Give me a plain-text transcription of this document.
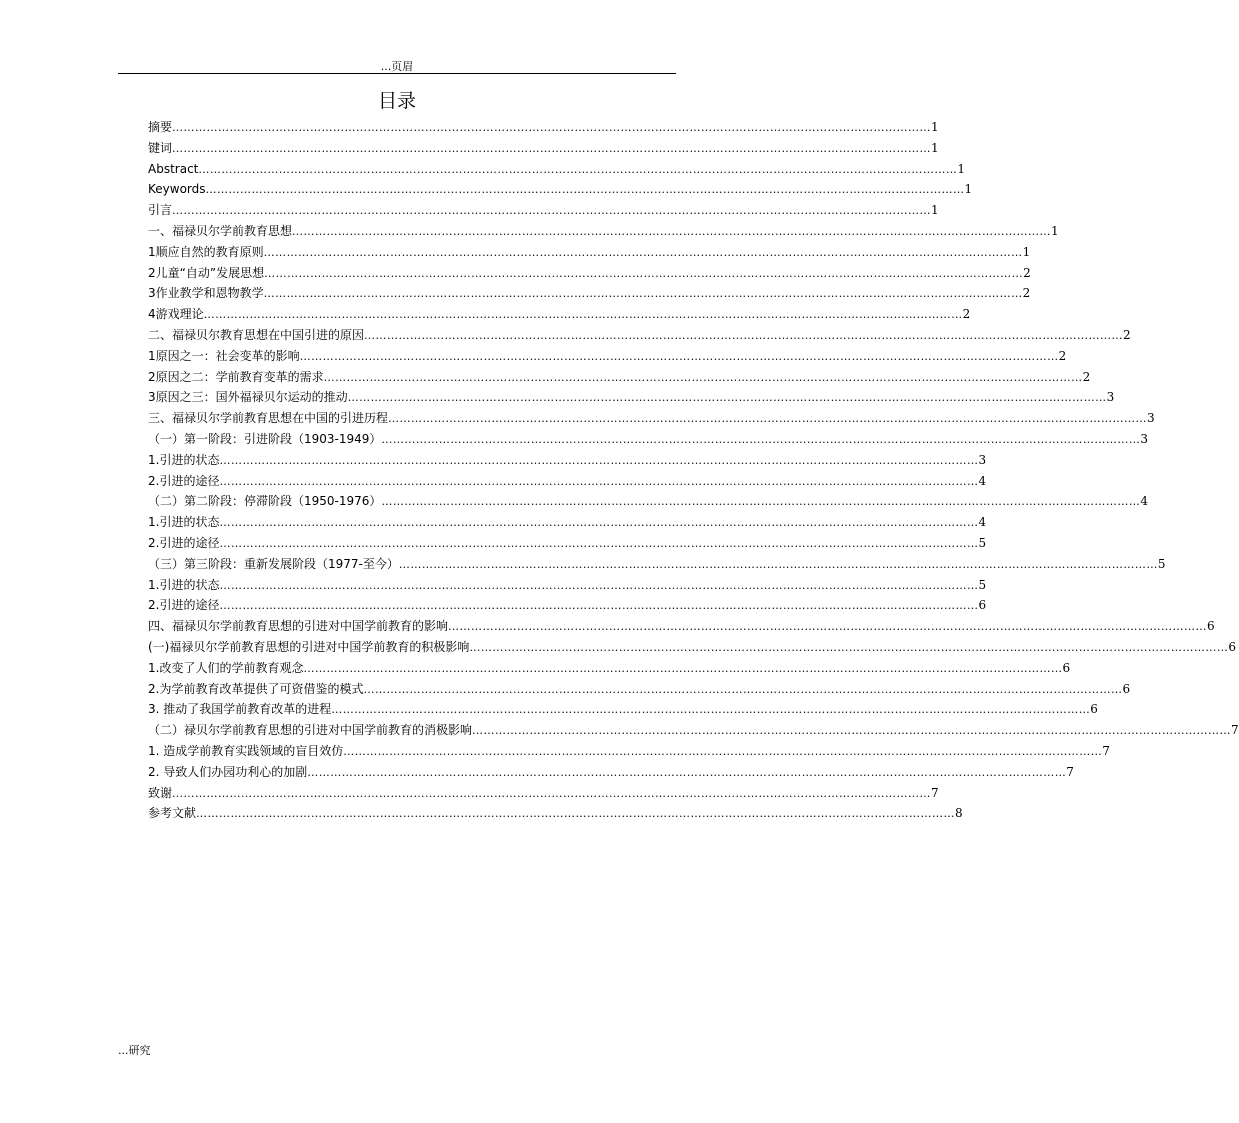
...页眉
目录
摘要 ……………………………………………………………………………………………………………………………………………………………………………… 1
键词 ……………………………………………………………………………………………………………………………………………………………………………… 1
Abstract ……………………………………………………………………………………………………………………………………………………………………………… 1
Keywords ……………………………………………………………………………………………………………………………………………………………………………… 1
引言 ……………………………………………………………………………………………………………………………………………………………………………… 1
一、福禄贝尔学前教育思想 ……………………………………………………………………………………………………………………………………………………………………………… 1
1顺应自然的教育原则 ……………………………………………………………………………………………………………………………………………………………………………… 1
2儿童“自动”发展思想 ……………………………………………………………………………………………………………………………………………………………………………… 2
3作业教学和恩物教学 ……………………………………………………………………………………………………………………………………………………………………………… 2
4游戏理论 ……………………………………………………………………………………………………………………………………………………………………………… 2
二、福禄贝尔教育思想在中国引进的原因 ……………………………………………………………………………………………………………………………………………………………………………… 2
1原因之一：社会变革的影响 ……………………………………………………………………………………………………………………………………………………………………………… 2
2原因之二：学前教育变革的需求 ……………………………………………………………………………………………………………………………………………………………………………… 2
3原因之三：国外福禄贝尔运动的推动 ……………………………………………………………………………………………………………………………………………………………………………… 3
三、福禄贝尔学前教育思想在中国的引进历程 ……………………………………………………………………………………………………………………………………………………………………………… 3
（一）第一阶段：引进阶段（1903-1949） ……………………………………………………………………………………………………………………………………………………………………………… 3
1.引进的状态 ……………………………………………………………………………………………………………………………………………………………………………… 3
2.引进的途径 ……………………………………………………………………………………………………………………………………………………………………………… 4
（二）第二阶段：停滞阶段（1950-1976） ……………………………………………………………………………………………………………………………………………………………………………… 4
1.引进的状态 ……………………………………………………………………………………………………………………………………………………………………………… 4
2.引进的途径 ……………………………………………………………………………………………………………………………………………………………………………… 5
（三）第三阶段：重新发展阶段（1977-至今） ……………………………………………………………………………………………………………………………………………………………………………… 5
1.引进的状态 ……………………………………………………………………………………………………………………………………………………………………………… 5
2.引进的途径 ……………………………………………………………………………………………………………………………………………………………………………… 6
四、福禄贝尔学前教育思想的引进对中国学前教育的影响 ……………………………………………………………………………………………………………………………………………………………………………… 6
(一)福禄贝尔学前教育思想的引进对中国学前教育的积极影响 ……………………………………………………………………………………………………………………………………………………………………………… 6
1.改变了人们的学前教育观念 ……………………………………………………………………………………………………………………………………………………………………………… 6
2.为学前教育改革提供了可资借鉴的模式 ……………………………………………………………………………………………………………………………………………………………………………… 6
3. 推动了我国学前教育改革的进程 ……………………………………………………………………………………………………………………………………………………………………………… 6
（二）禄贝尔学前教育思想的引进对中国学前教育的消极影响 ……………………………………………………………………………………………………………………………………………………………………………… 7
1. 造成学前教育实践领域的盲目效仿 ……………………………………………………………………………………………………………………………………………………………………………… 7
2. 导致人们办园功利心的加剧 ……………………………………………………………………………………………………………………………………………………………………………… 7
致谢 ……………………………………………………………………………………………………………………………………………………………………………… 7
参考文献 ……………………………………………………………………………………………………………………………………………………………………………… 8
...研究
